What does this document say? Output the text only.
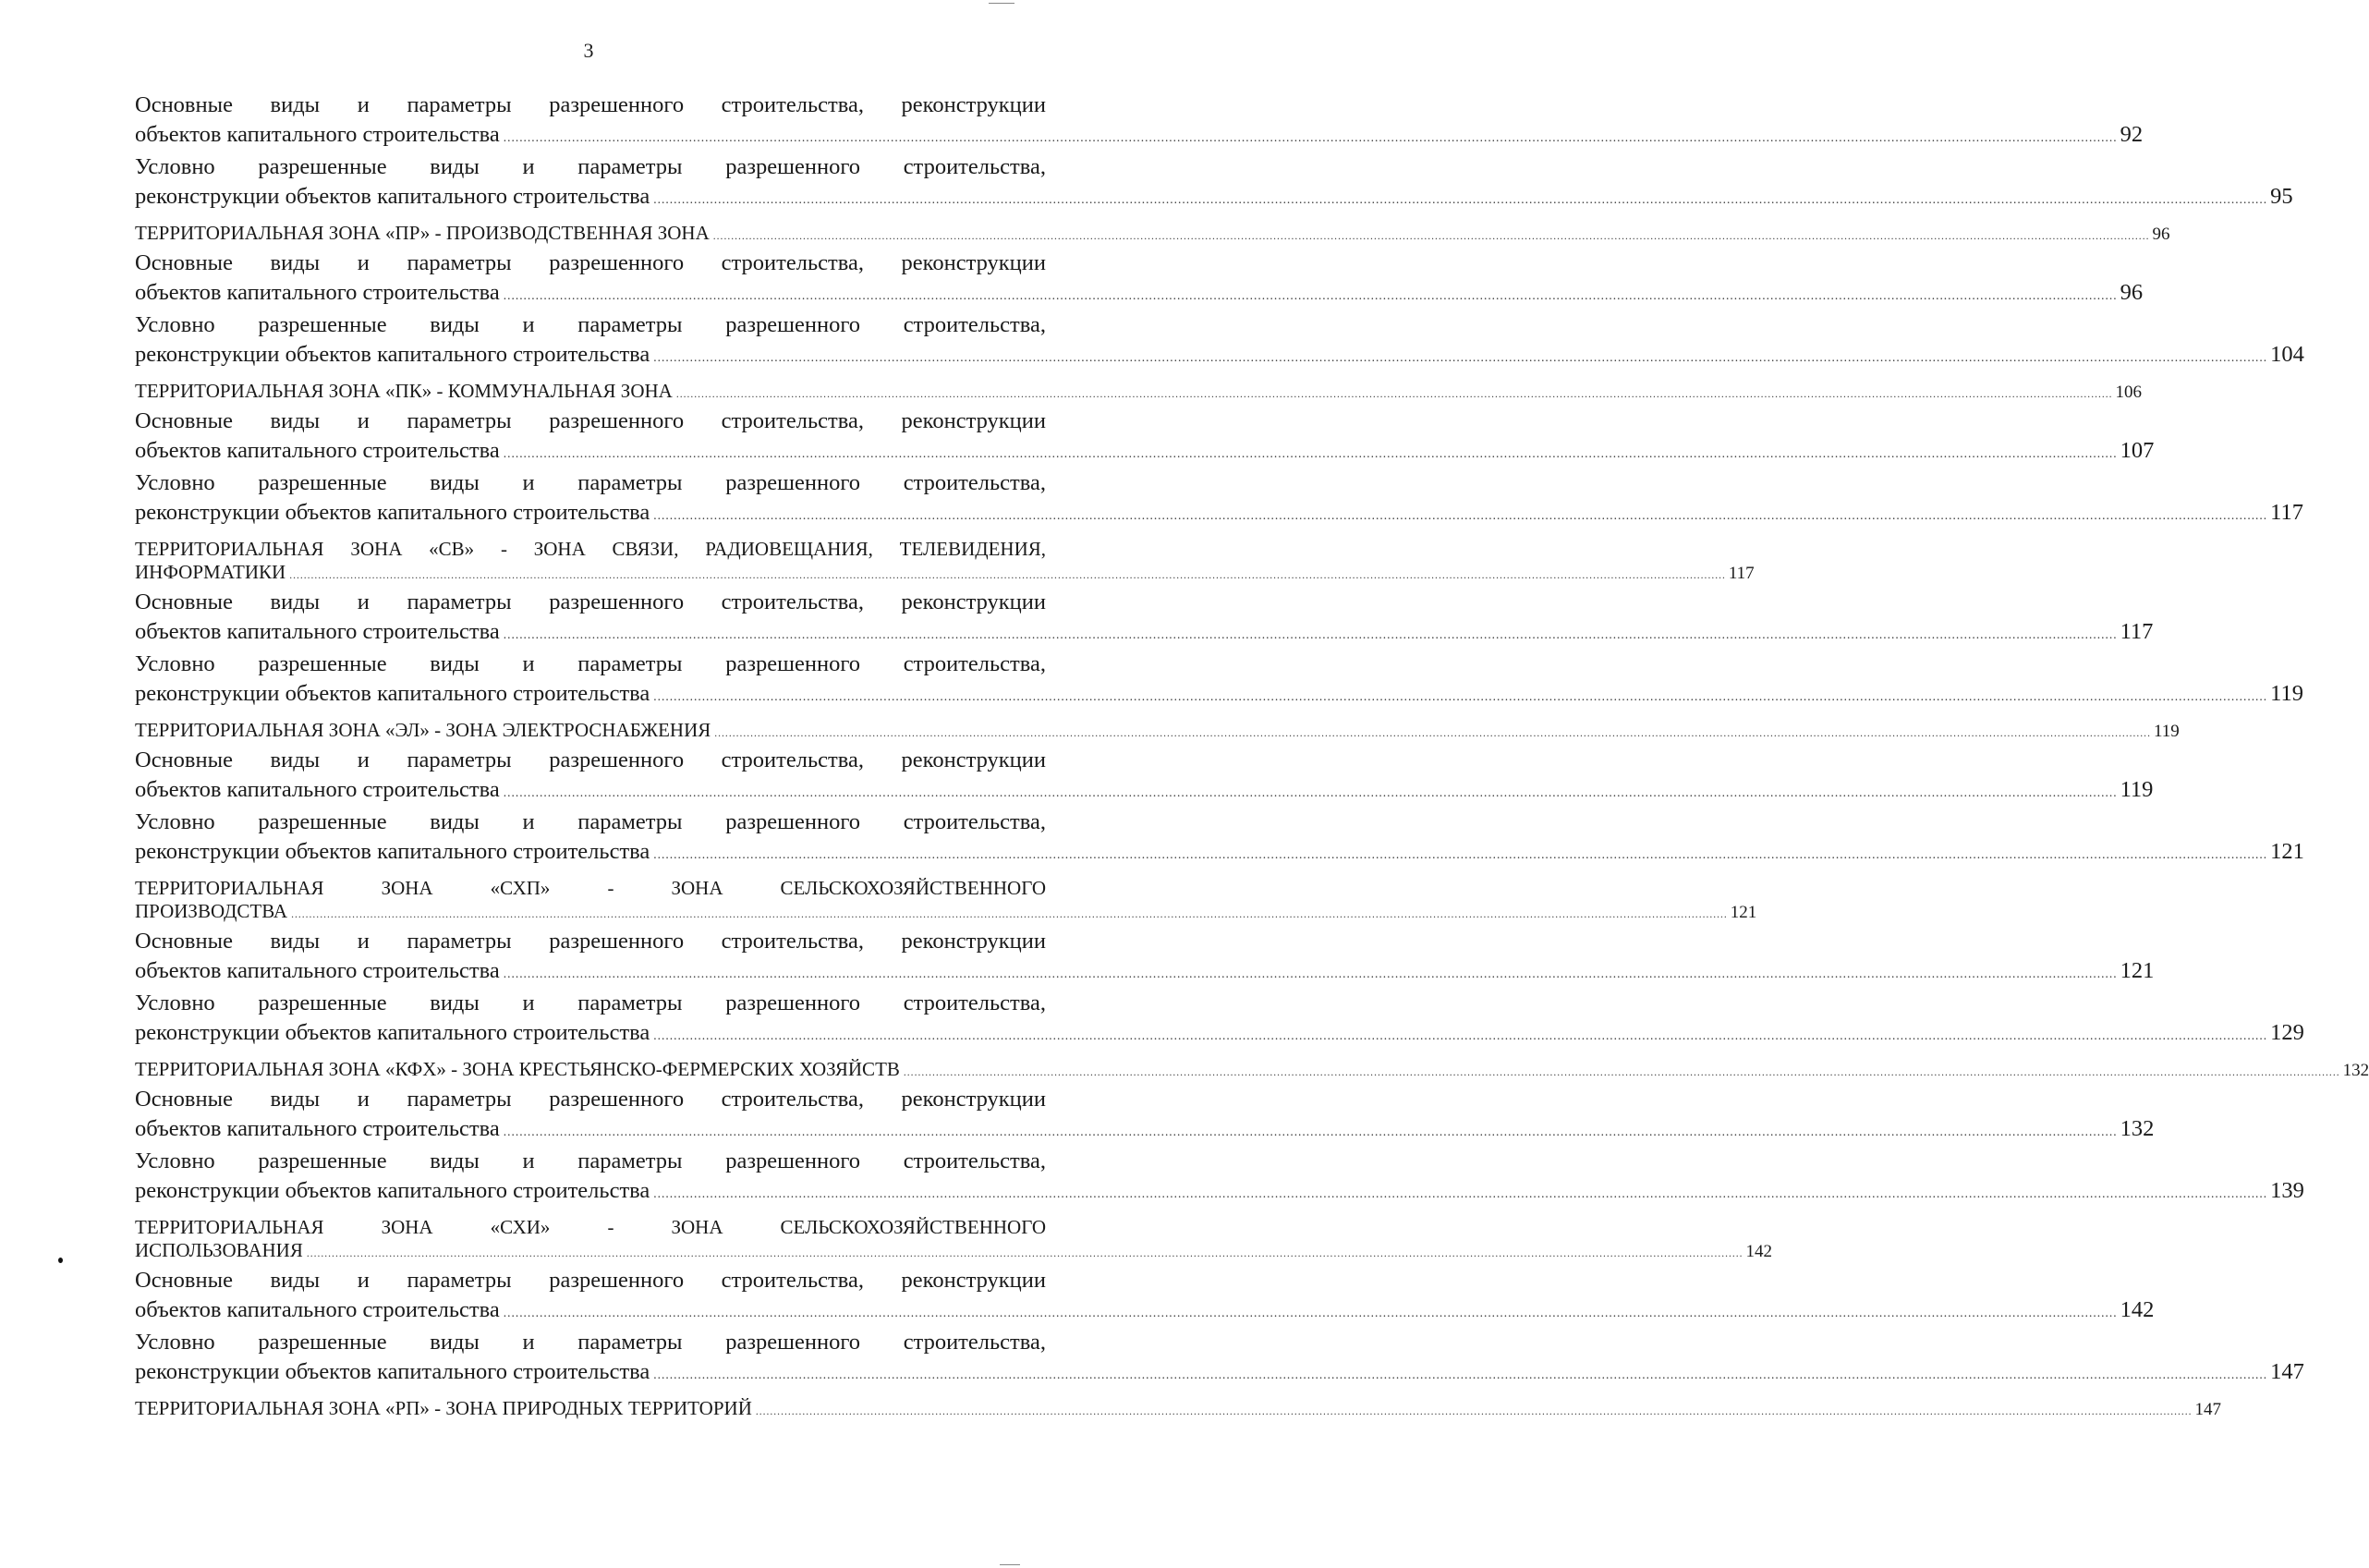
3
Основные виды и параметры разрешенного строительства, реконструкции
объектов капитального строительства ................................................................................................................................................................................................................................................................................................................................................................................................................ 92
Условно разрешенные виды и параметры разрешенного строительства,
реконструкции объектов капитального строительства ................................................................................................................................................................................................................................................................................................................................................................................................................ 95
ТЕРРИТОРИАЛЬНАЯ ЗОНА «ПР» - ПРОИЗВОДСТВЕННАЯ ЗОНА ................................................................................................................................................................................................................................................................................................................................................................................................................ 96
Основные виды и параметры разрешенного строительства, реконструкции
объектов капитального строительства ................................................................................................................................................................................................................................................................................................................................................................................................................ 96
Условно разрешенные виды и параметры разрешенного строительства,
реконструкции объектов капитального строительства ................................................................................................................................................................................................................................................................................................................................................................................................................ 104
ТЕРРИТОРИАЛЬНАЯ ЗОНА «ПК» - КОММУНАЛЬНАЯ ЗОНА ................................................................................................................................................................................................................................................................................................................................................................................................................ 106
Основные виды и параметры разрешенного строительства, реконструкции
объектов капитального строительства ................................................................................................................................................................................................................................................................................................................................................................................................................ 107
Условно разрешенные виды и параметры разрешенного строительства,
реконструкции объектов капитального строительства ................................................................................................................................................................................................................................................................................................................................................................................................................ 117
ТЕРРИТОРИАЛЬНАЯ ЗОНА «СВ» - ЗОНА СВЯЗИ, РАДИОВЕЩАНИЯ, ТЕЛЕВИДЕНИЯ,
ИНФОРМАТИКИ ................................................................................................................................................................................................................................................................................................................................................................................................................ 117
Основные виды и параметры разрешенного строительства, реконструкции
объектов капитального строительства ................................................................................................................................................................................................................................................................................................................................................................................................................ 117
Условно разрешенные виды и параметры разрешенного строительства,
реконструкции объектов капитального строительства ................................................................................................................................................................................................................................................................................................................................................................................................................ 119
ТЕРРИТОРИАЛЬНАЯ ЗОНА «ЭЛ» - ЗОНА ЭЛЕКТРОСНАБЖЕНИЯ ................................................................................................................................................................................................................................................................................................................................................................................................................ 119
Основные виды и параметры разрешенного строительства, реконструкции
объектов капитального строительства ................................................................................................................................................................................................................................................................................................................................................................................................................ 119
Условно разрешенные виды и параметры разрешенного строительства,
реконструкции объектов капитального строительства ................................................................................................................................................................................................................................................................................................................................................................................................................ 121
ТЕРРИТОРИАЛЬНАЯ ЗОНА «СХП» - ЗОНА СЕЛЬСКОХОЗЯЙСТВЕННОГО
ПРОИЗВОДСТВА ................................................................................................................................................................................................................................................................................................................................................................................................................ 121
Основные виды и параметры разрешенного строительства, реконструкции
объектов капитального строительства ................................................................................................................................................................................................................................................................................................................................................................................................................ 121
Условно разрешенные виды и параметры разрешенного строительства,
реконструкции объектов капитального строительства ................................................................................................................................................................................................................................................................................................................................................................................................................ 129
ТЕРРИТОРИАЛЬНАЯ ЗОНА «КФХ» - ЗОНА КРЕСТЬЯНСКО-ФЕРМЕРСКИХ ХОЗЯЙСТВ ................................................................................................................................................................................................................................................................................................................................................................................................................ 132
Основные виды и параметры разрешенного строительства, реконструкции
объектов капитального строительства ................................................................................................................................................................................................................................................................................................................................................................................................................ 132
Условно разрешенные виды и параметры разрешенного строительства,
реконструкции объектов капитального строительства ................................................................................................................................................................................................................................................................................................................................................................................................................ 139
ТЕРРИТОРИАЛЬНАЯ ЗОНА «СХИ» - ЗОНА СЕЛЬСКОХОЗЯЙСТВЕННОГО
ИСПОЛЬЗОВАНИЯ ................................................................................................................................................................................................................................................................................................................................................................................................................ 142
Основные виды и параметры разрешенного строительства, реконструкции
объектов капитального строительства ................................................................................................................................................................................................................................................................................................................................................................................................................ 142
Условно разрешенные виды и параметры разрешенного строительства,
реконструкции объектов капитального строительства ................................................................................................................................................................................................................................................................................................................................................................................................................ 147
ТЕРРИТОРИАЛЬНАЯ ЗОНА «РП» - ЗОНА ПРИРОДНЫХ ТЕРРИТОРИЙ ................................................................................................................................................................................................................................................................................................................................................................................................................ 147
